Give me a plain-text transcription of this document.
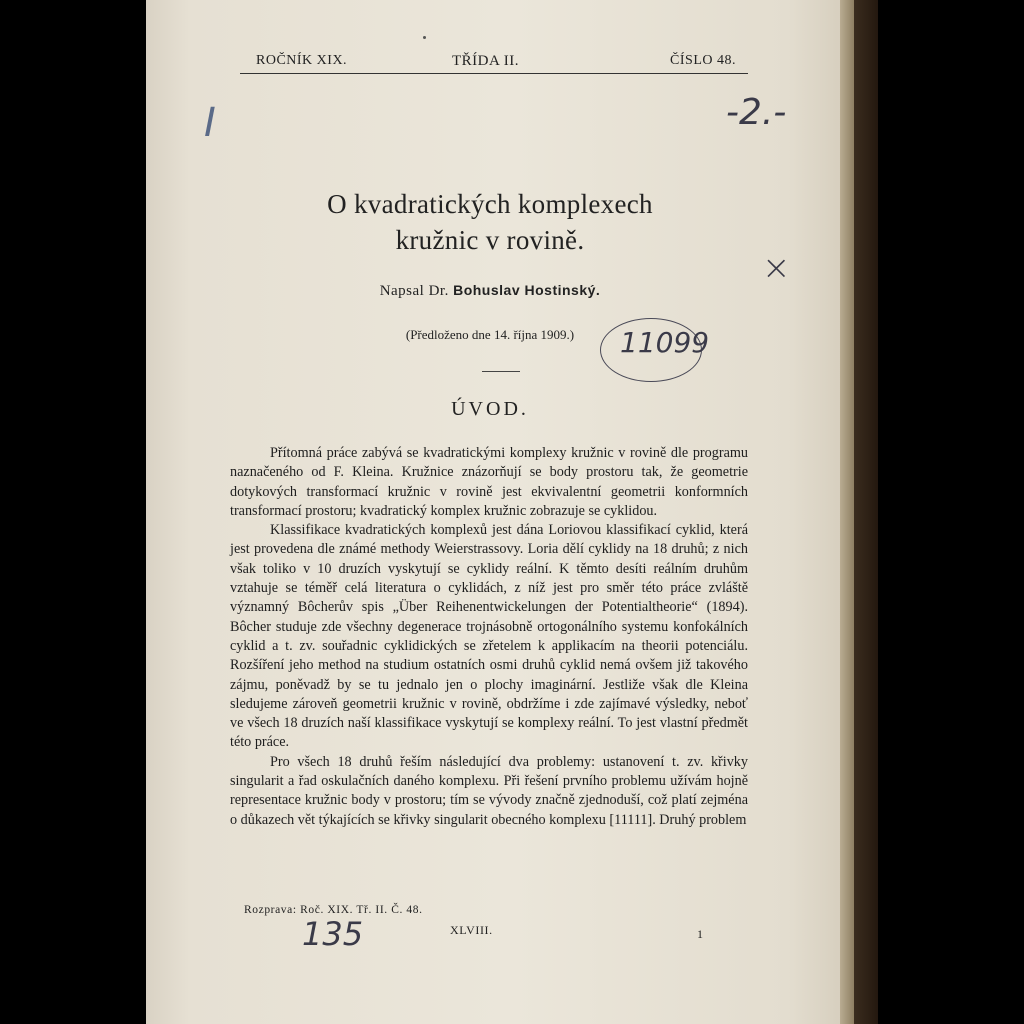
ROČNÍK XIX.	TŘÍDA II.	ČÍSLO 48.
I	-2.-
×
11099
O kvadratických komplexech
kružnic v rovině.
Napsal Dr. Bohuslav Hostinský.
(Předloženo dne 14. října 1909.)
ÚVOD.

Přítomná práce zabývá se kvadratickými komplexy kružnic v rovině dle programu naznačeného od F. Kleina. Kružnice znázorňují se body prostoru tak, že geometrie dotykových transformací kružnic v rovině jest ekvivalentní geometrii konformních transformací prostoru; kvadratický komplex kružnic zobrazuje se cyklidou.

Klassifikace kvadratických komplexů jest dána Loriovou klassifikací cyklid, která jest provedena dle známé methody Weierstrassovy. Loria dělí cyklidy na 18 druhů; z nich však toliko v 10 druzích vyskytují se cyklidy reální. K těmto desíti reálním druhům vztahuje se téměř celá literatura o cyklidách, z níž jest pro směr této práce zvláště významný Bôcherův spis „Über Reihenentwickelungen der Potentialtheorie“ (1894). Bôcher studuje zde všechny degenerace trojnásobně ortogonálního systemu konfokálních cyklid a t. zv. souřadnic cyklidických se zřetelem k applikacím na theorii potenciálu. Rozšíření jeho method na studium ostatních osmi druhů cyklid nemá ovšem již takového zájmu, poněvadž by se tu jednalo jen o plochy imaginární. Jestliže však dle Kleina sledujeme zároveň geometrii kružnic v rovině, obdržíme i zde zajímavé výsledky, neboť ve všech 18 druzích naší klassifikace vyskytují se komplexy reální. To jest vlastní předmět této práce.

Pro všech 18 druhů řeším následující dva problemy: ustanovení t. zv. křivky singularit a řad oskulačních daného komplexu. Při řešení prvního problemu užívám hojně representace kružnic body v prostoru; tím se vývody značně zjednoduší, což platí zejména o důkazech vět týkajících se křivky singularit obecného komplexu [11111]. Druhý problem

Rozprava: Roč. XIX. Tř. II. Č. 48.
135	XLVIII.	1
